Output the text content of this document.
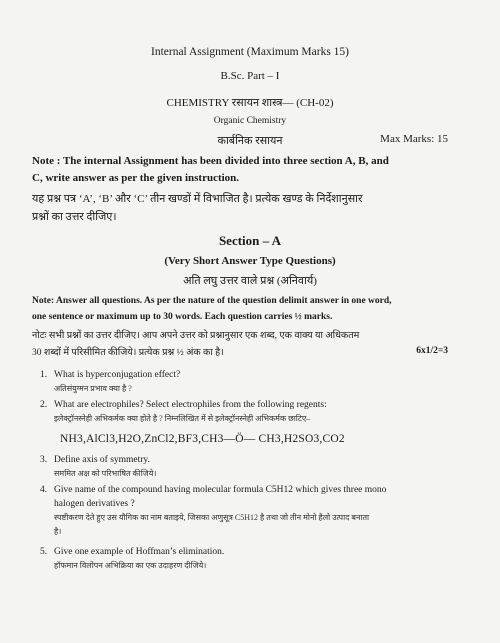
Internal Assignment (Maximum Marks 15)
B.Sc. Part – I
CHEMISTRY रसायन शास्त्र— (CH-02)
Organic Chemistry
कार्बनिक रसायन	Max Marks: 15
Note : The internal Assignment has been divided into three section A, B, and
C, write answer as per the given instruction.
यह प्रश्न पत्र ‘A’, ‘B’ और ‘C’ तीन खण्डों में विभाजित है। प्रत्येक खण्ड के निर्देशानुसार
प्रश्नों का उत्तर दीजिए।
Section – A
(Very Short Answer Type Questions)
अति लघु उत्तर वाले प्रश्न (अनिवार्य)
Note: Answer all questions. As per the nature of the question delimit answer in one word,
one sentence or maximum up to 30 words. Each question carries ½ marks.
नोटः सभी प्रश्नों का उत्तर दीजिए। आप अपने उत्तर को प्रश्नानुसार एक शब्द, एक वाक्य या अधिकतम
30 शब्दों में परिसीमित कीजिये। प्रत्येक प्रश्न ½ अंक का है।	6x1/2=3
1. What is hyperconjugation effect?
अतिसंयुग्मन प्रभाव क्या है ?
2. What are electrophiles? Select electrophiles from the following regents:
इलेक्ट्रॉनस्नेही अभिकर्मक क्या होते है ? निम्नलिखित में से इलेक्ट्रॉनस्नेही अभिकर्मक छाटिए–
NH3,AlCl3,H2O,ZnCl2,BF3,CH3—Ö— CH3,H2SO3,CO2
3. Define axis of symmetry.
सममित अक्ष को परिभाषित कीजिये।
4. Give name of the compound having molecular formula C5H12 which gives three mono
halogen derivatives ?
स्पष्टीकरण देते हुए उस यौगिक का नाम बताइये, जिसका अणुसूत्र C5H12 है तथा जो तीन मोनो हैलो उत्पाद बनाता
है।
5. Give one example of Hoffman’s elimination.
हॉफमान विलोपन अभिक्रिया का एक उदाहरण दीजिये।
